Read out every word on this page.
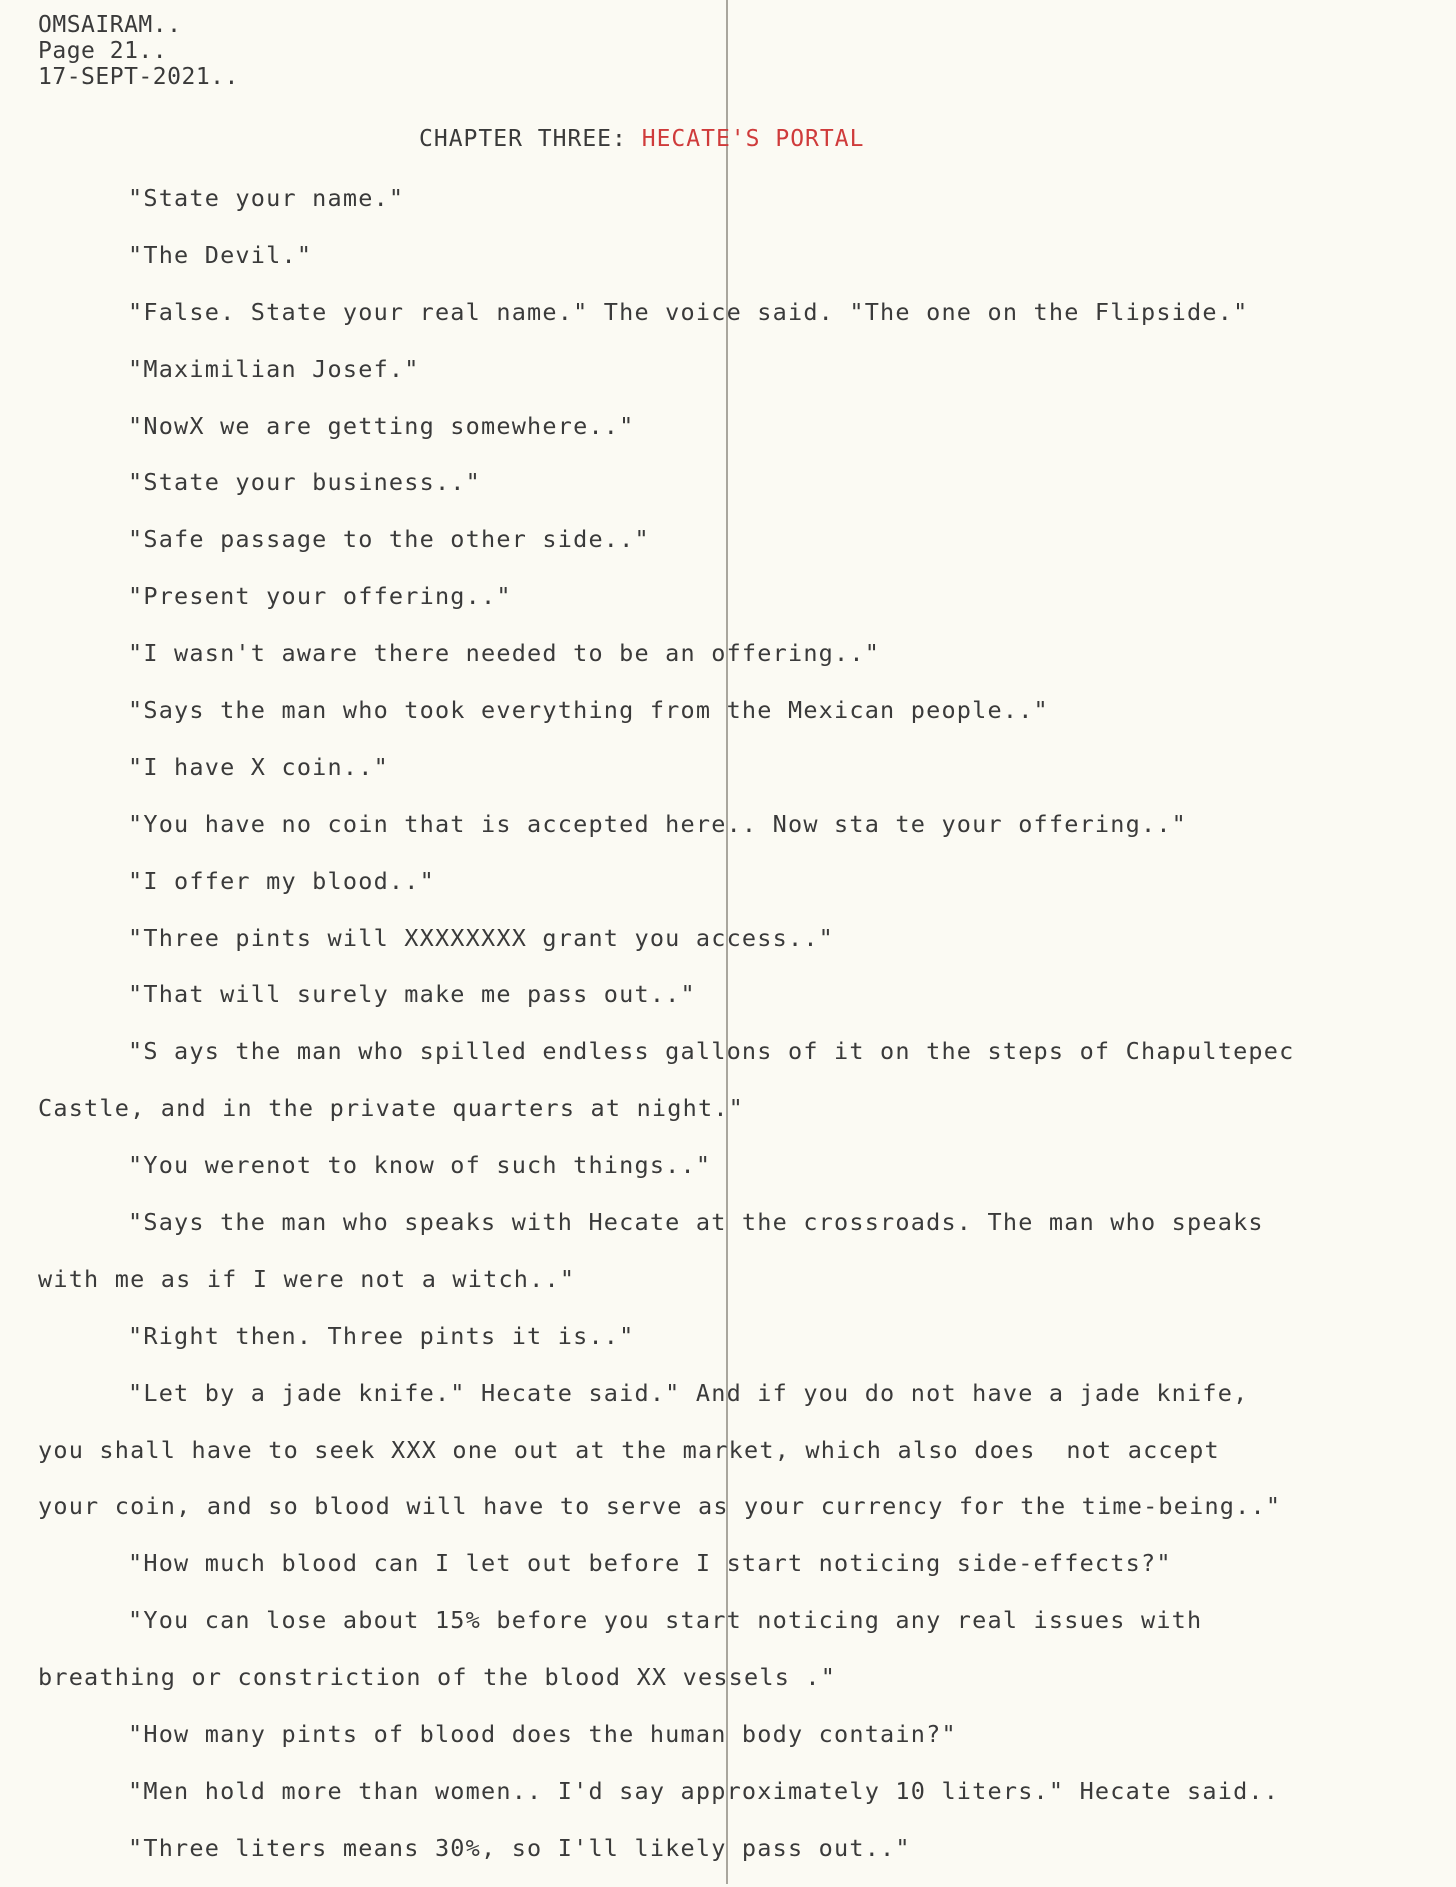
OMSAIRAM..
Page 21..
17-SEPT-2021..
CHAPTER THREE: HECATE'S PORTAL
"State your name."
"The Devil."
"False. State your real name." The voice said. "The one on the Flipside."
"Maximilian Josef."
"NowX we are getting somewhere.."
"State your business.."
"Safe passage to the other side.."
"Present your offering.."
"I wasn't aware there needed to be an offering.."
"Says the man who took everything from the Mexican people.."
"I have X coin.."
"You have no coin that is accepted here.. Now sta te your offering.."
"I offer my blood.."
"Three pints will XXXXXXXX grant you access.."
"That will surely make me pass out.."
"S ays the man who spilled endless gallons of it on the steps of Chapultepec
Castle, and in the private quarters at night."
"You werenot to know of such things.."
"Says the man who speaks with Hecate at the crossroads. The man who speaks
with me as if I were not a witch.."
"Right then. Three pints it is.."
"Let by a jade knife." Hecate said." And if you do not have a jade knife,
you shall have to seek XXX one out at the market, which also does  not accept
your coin, and so blood will have to serve as your currency for the time-being.."
"How much blood can I let out before I start noticing side-effects?"
"You can lose about 15% before you start noticing any real issues with
breathing or constriction of the blood XX vessels ."
"How many pints of blood does the human body contain?"
"Men hold more than women.. I'd say approximately 10 liters." Hecate said..
"Three liters means 30%, so I'll likely pass out.."
